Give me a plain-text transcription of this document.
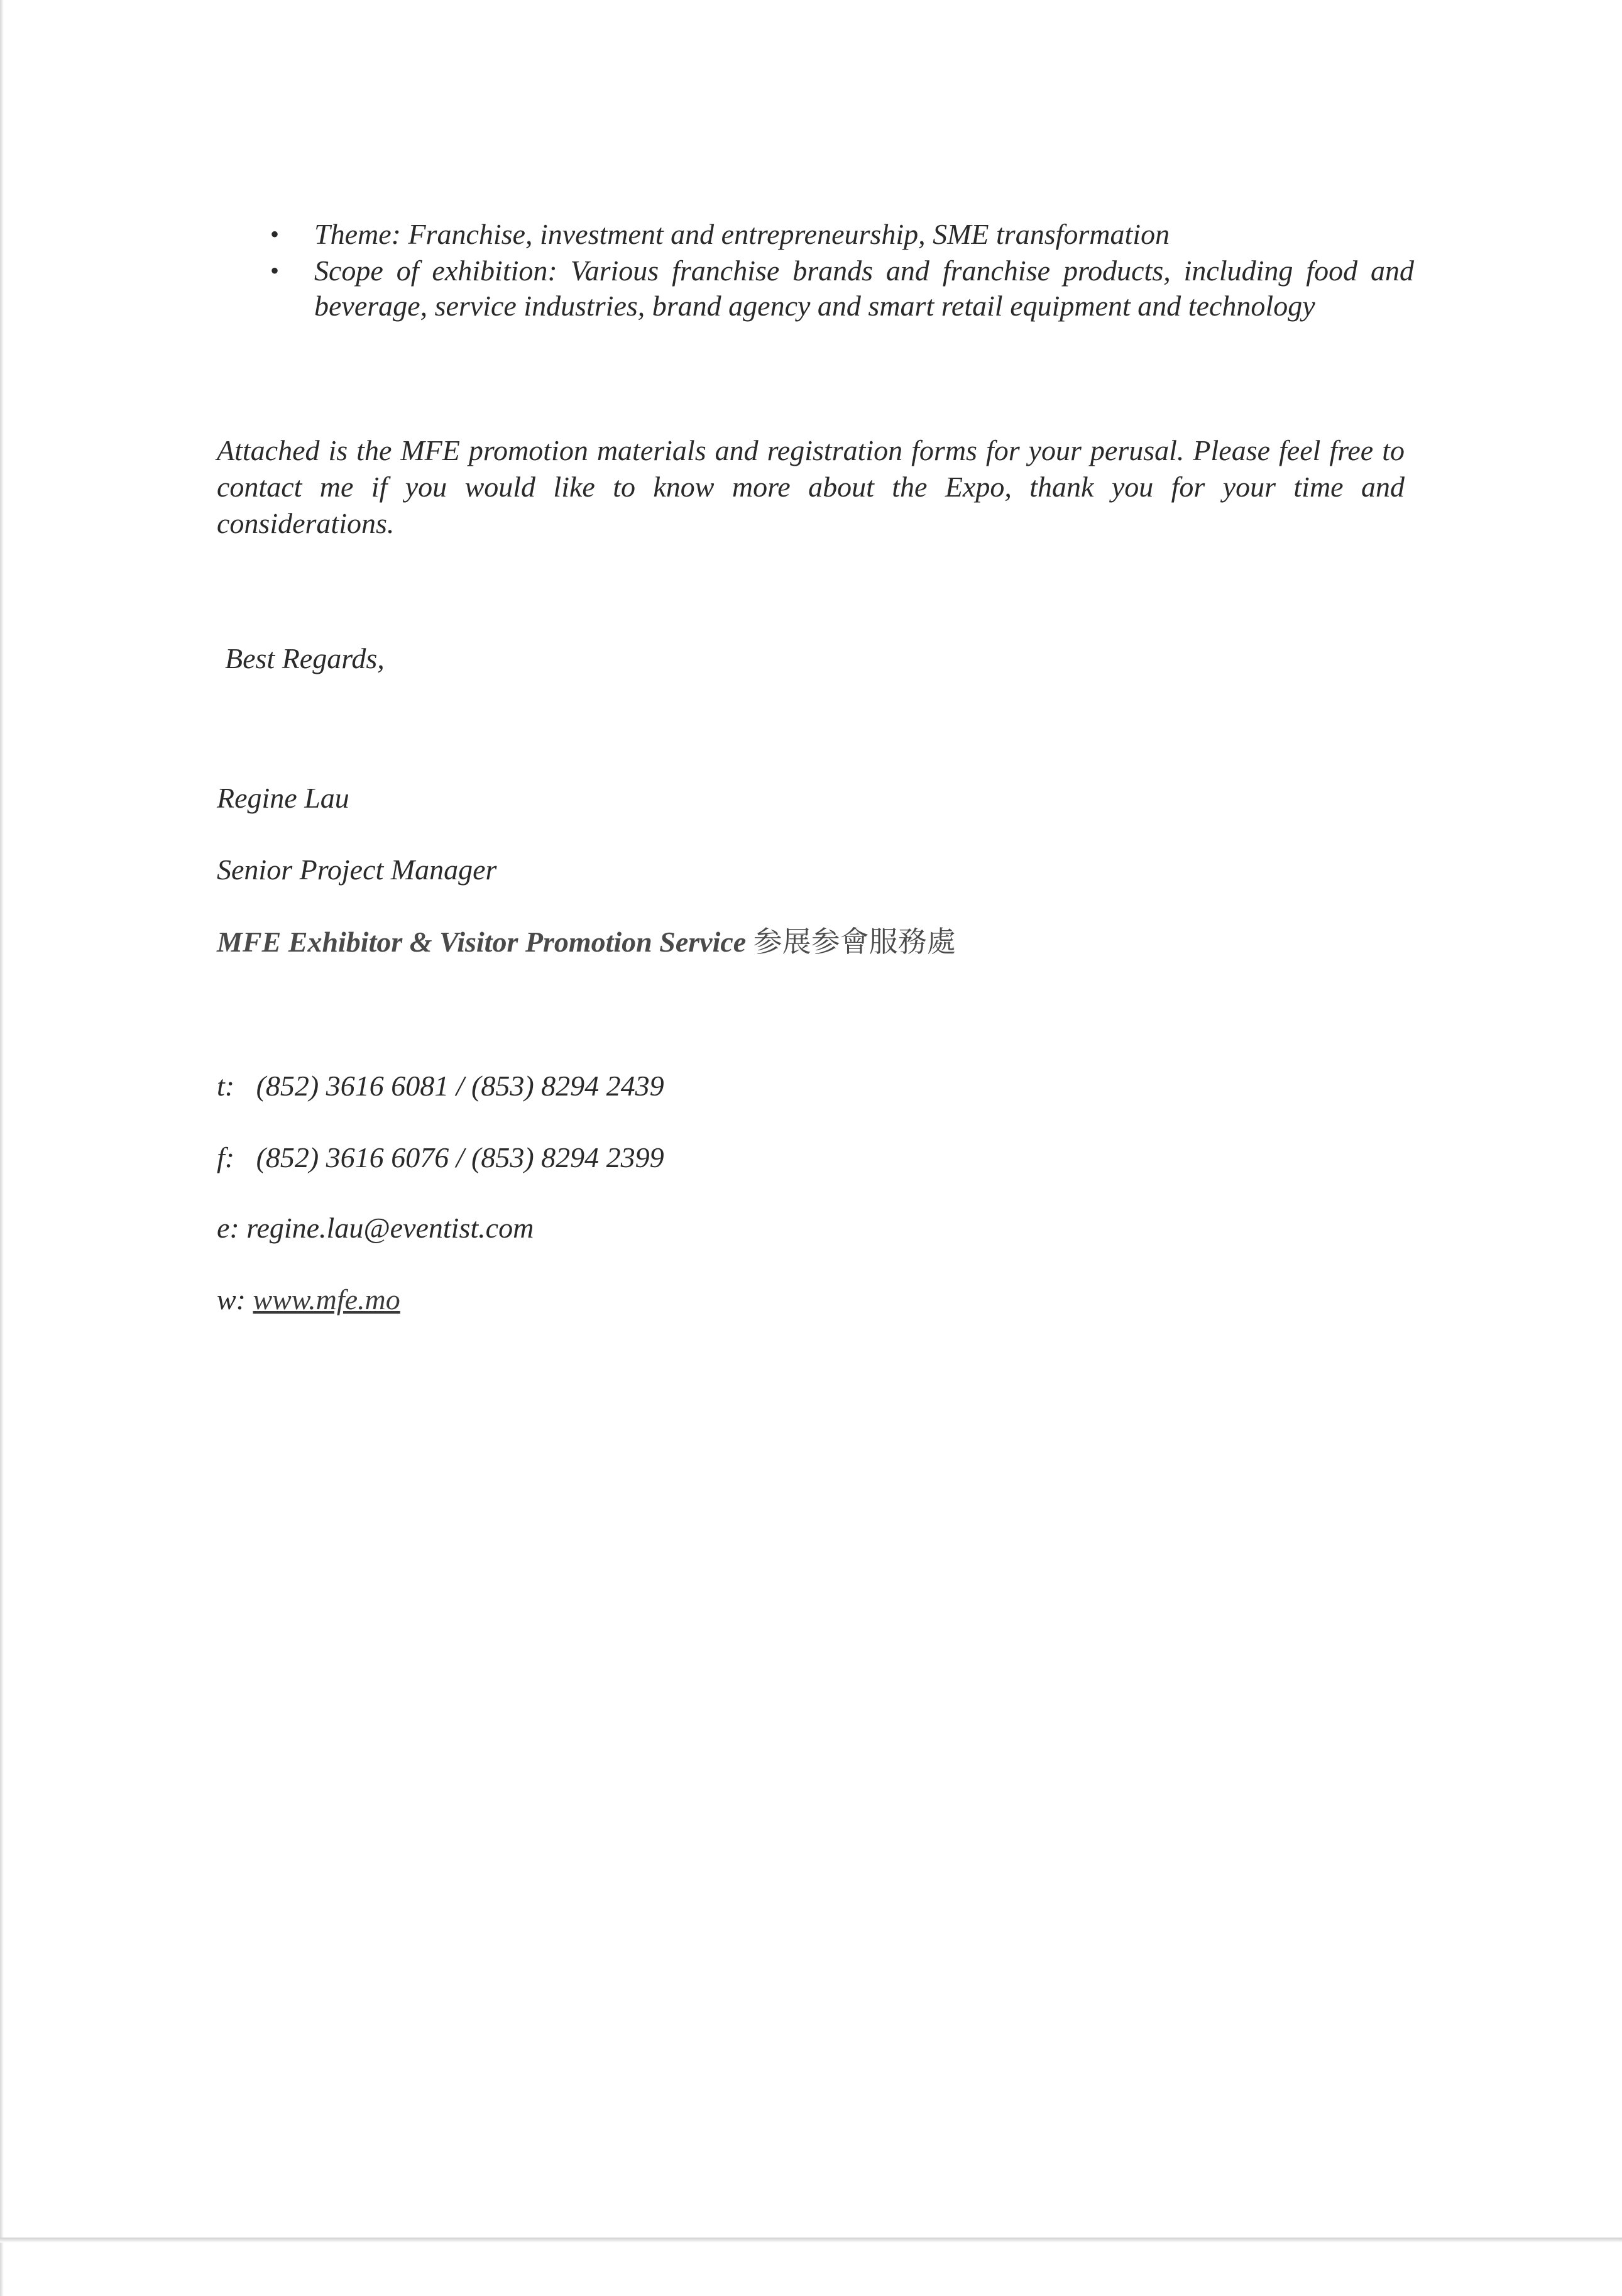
• Theme: Franchise, investment and entrepreneurship, SME transformation
• Scope of exhibition: Various franchise brands and franchise products, including food and beverage, service industries, brand agency and smart retail equipment and technology

Attached is the MFE promotion materials and registration forms for your perusal. Please feel free to contact me if you would like to know more about the Expo, thank you for your time and considerations.

Best Regards,

Regine Lau

Senior Project Manager

MFE Exhibitor & Visitor Promotion Service 参展参會服務處

t: (852) 3616 6081 / (853) 8294 2439

f: (852) 3616 6076 / (853) 8294 2399

e: regine.lau@eventist.com

w: www.mfe.mo
